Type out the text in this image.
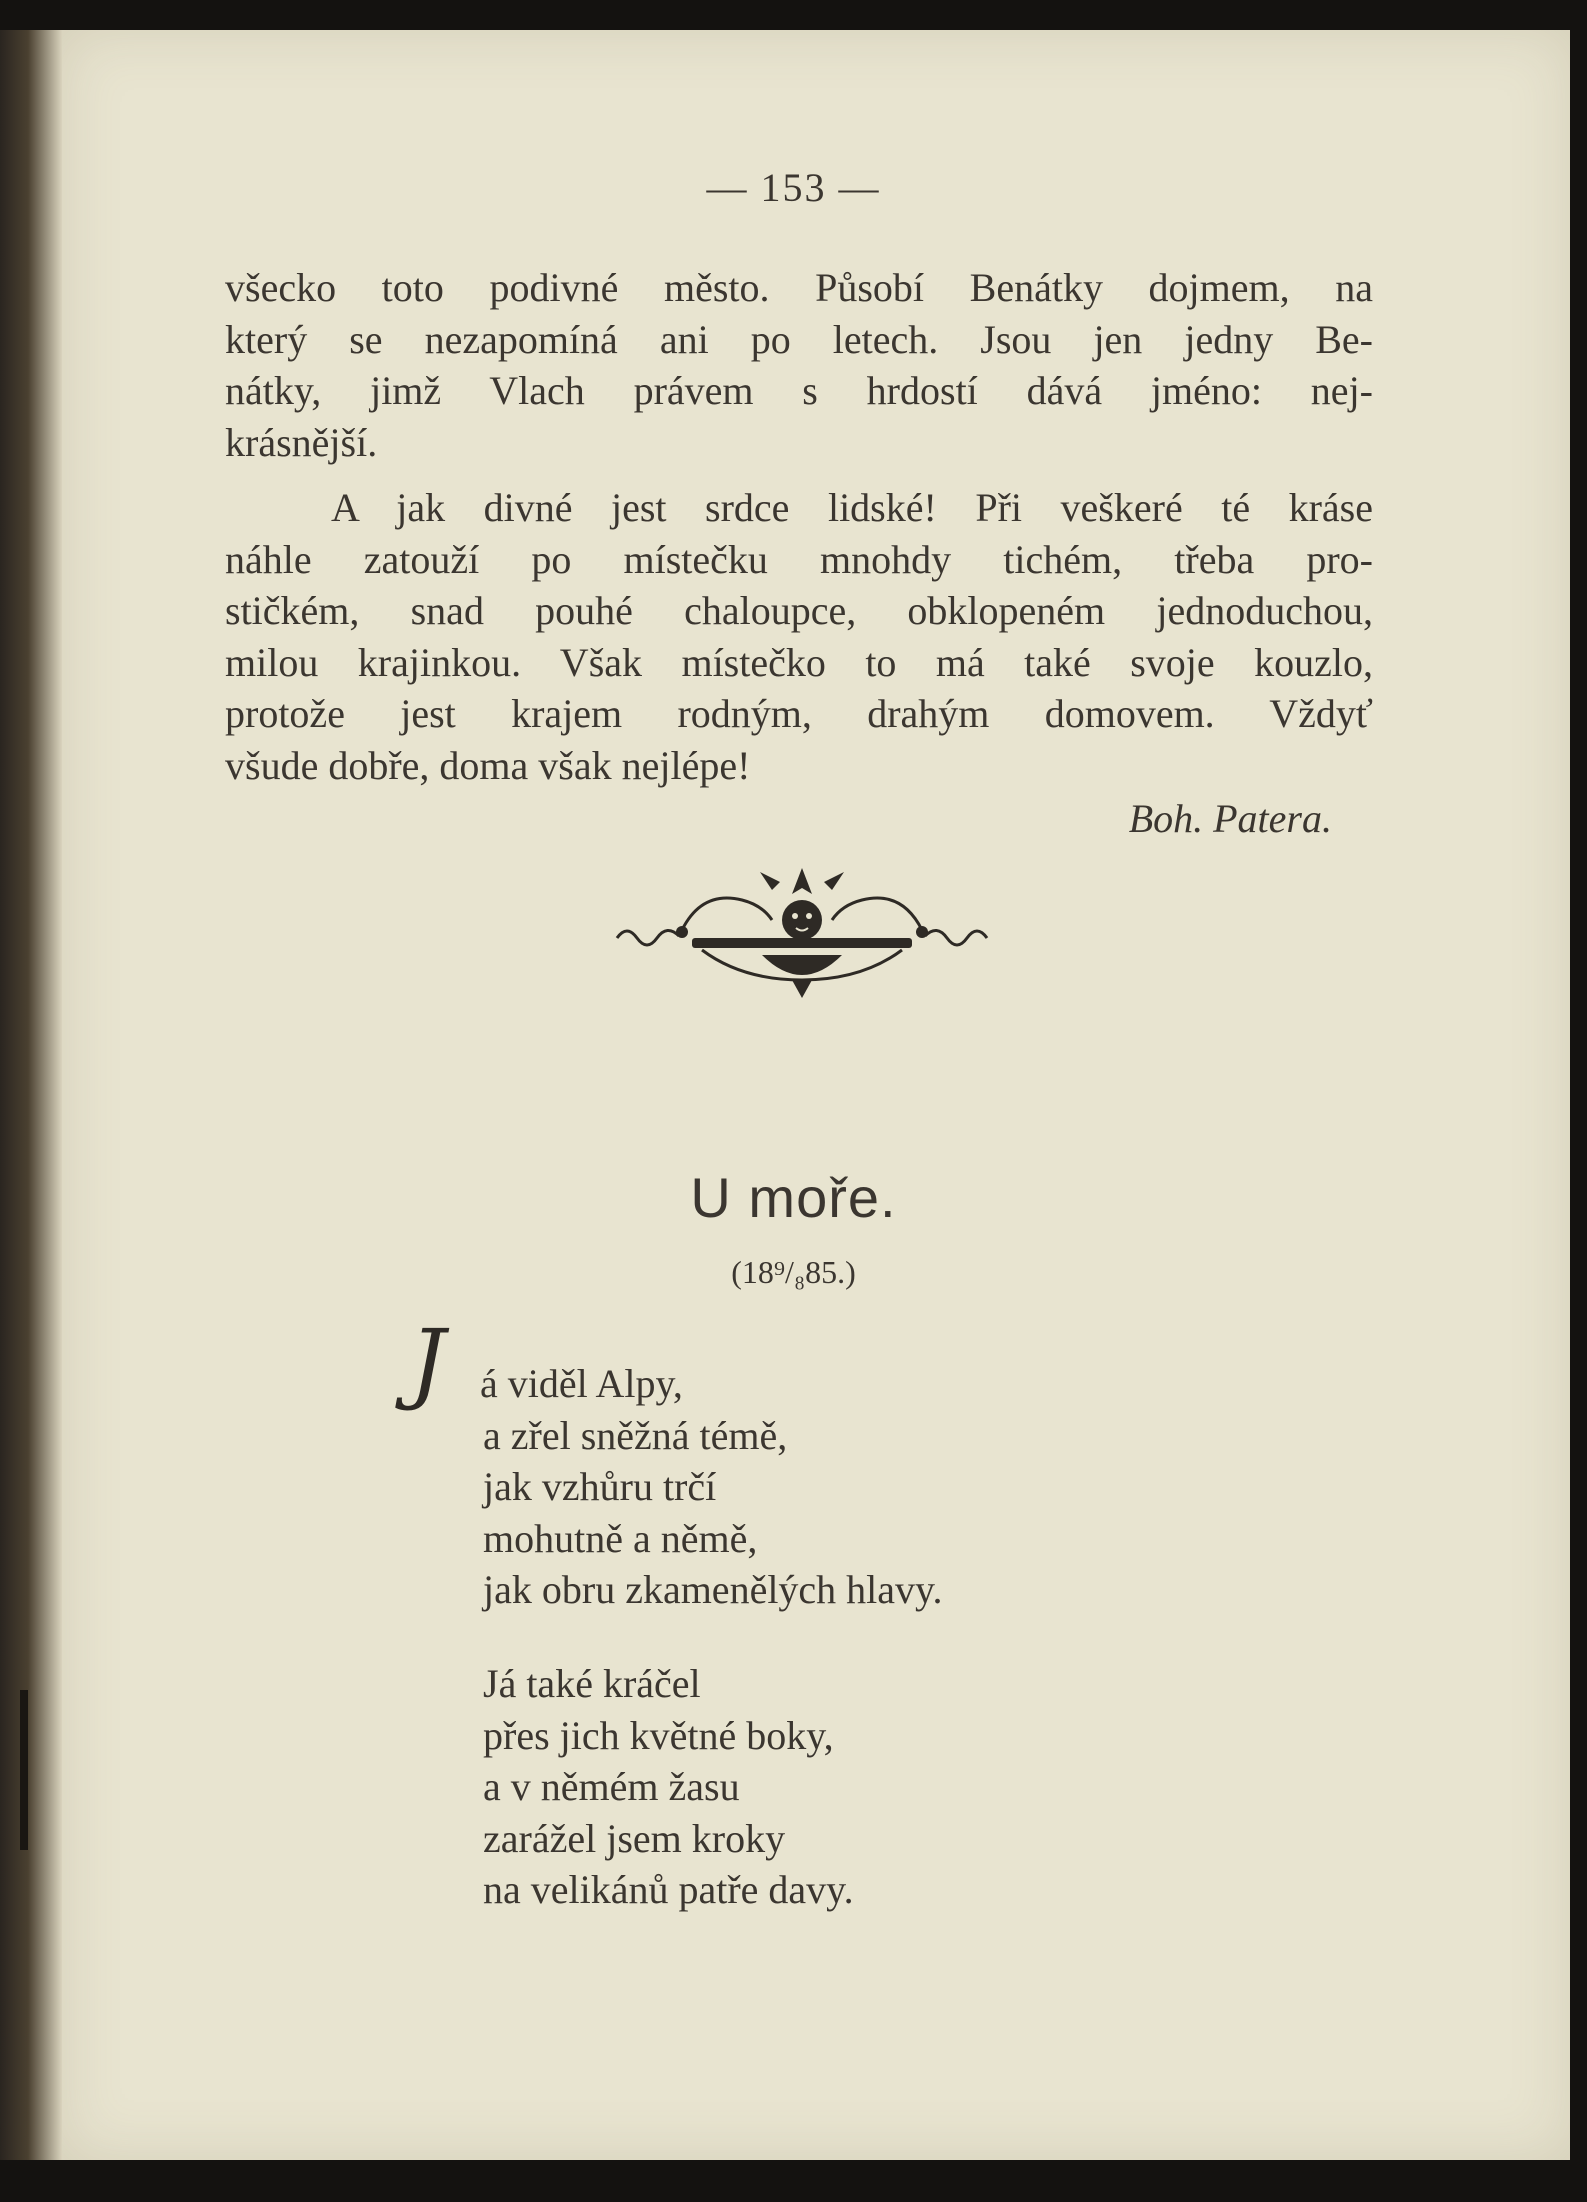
— 153 —
všecko toto podivné město. Působí Benátky dojmem, na
který se nezapomíná ani po letech. Jsou jen jedny Be-
nátky, jimž Vlach právem s hrdostí dává jméno: nej-
krásnější.
A jak divné jest srdce lidské! Při veškeré té kráse
náhle zatouží po místečku mnohdy tichém, třeba pro-
stičkém, snad pouhé chaloupce, obklopeném jednoduchou,
milou krajinkou. Však místečko to má také svoje kouzlo,
protože jest krajem rodným, drahým domovem. Vždyť
všude dobře, doma však nejlépe!
Boh. Patera.
U moře.
(18⁹/₈85.)
J á viděl Alpy,
a zřel sněžná témě,
jak vzhůru trčí
mohutně a němě,
jak obru zkamenělých hlavy.
Já také kráčel
přes jich květné boky,
a v němém žasu
zarážel jsem kroky
na velikánů patře davy.
